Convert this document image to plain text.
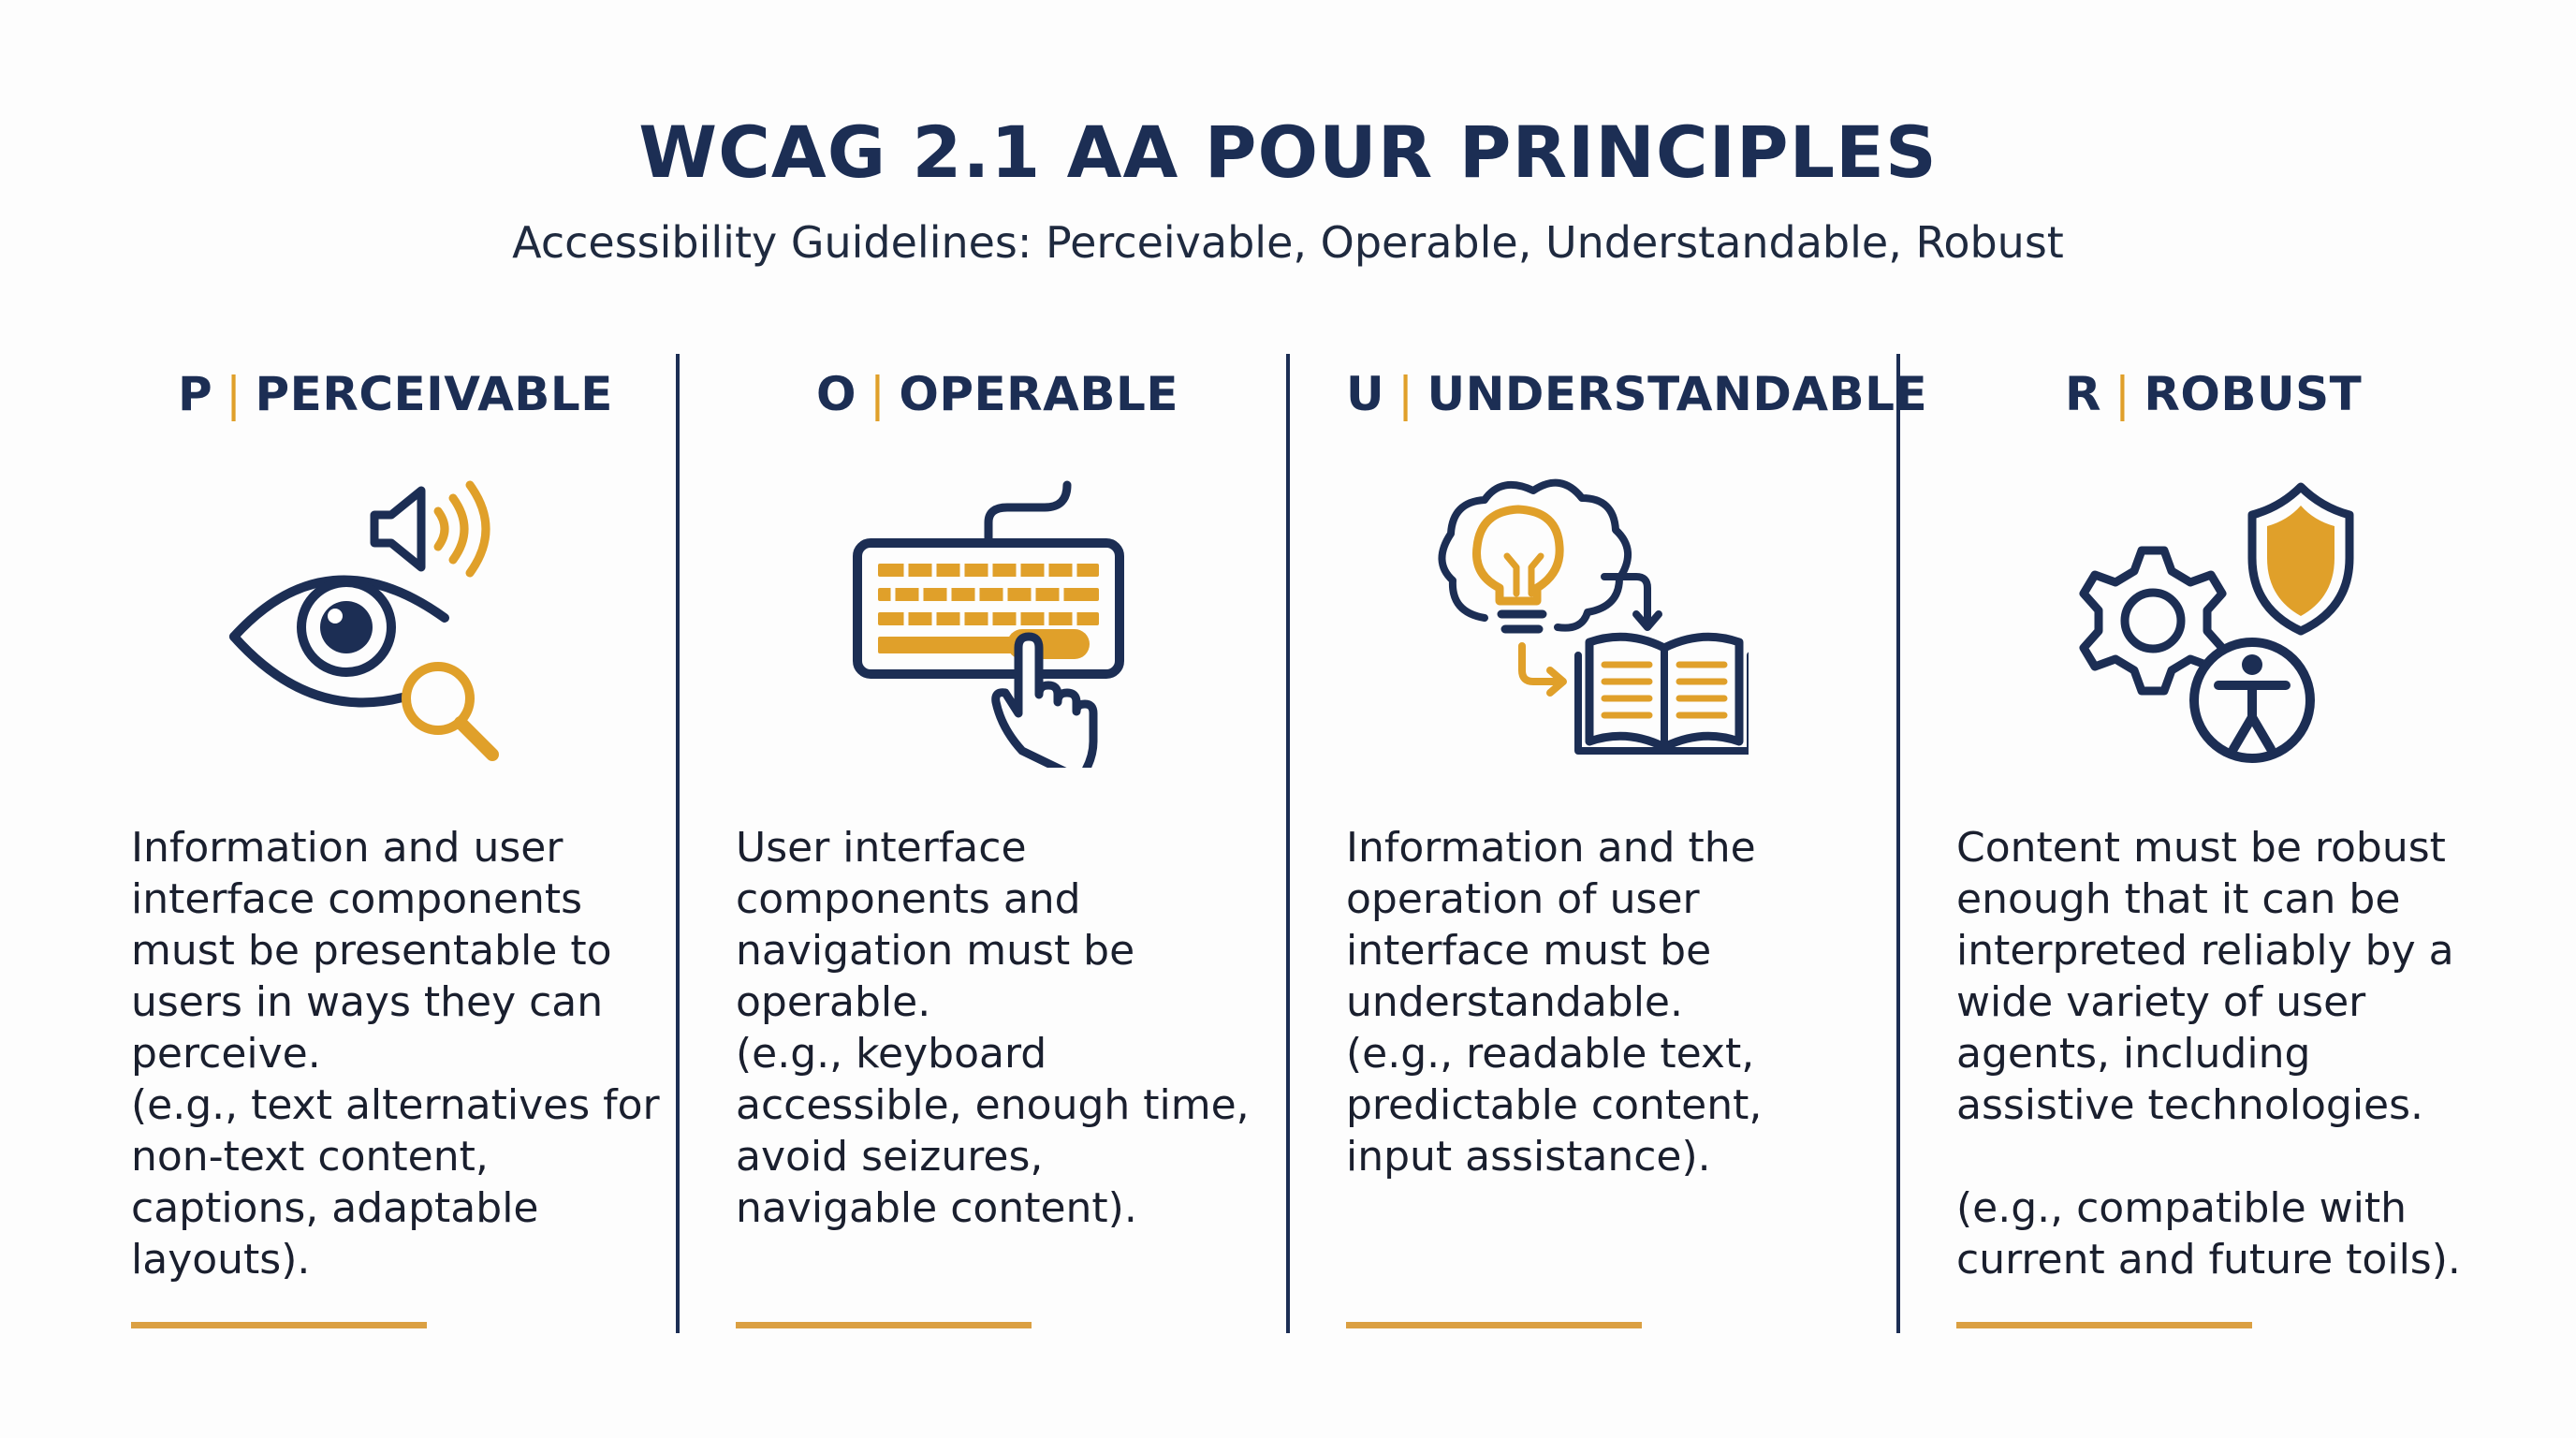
WCAG 2.1 AA POUR PRINCIPLES

Accessibility Guidelines: Perceivable, Operable, Understandable, Robust

P | PERCEIVABLE

Information and user
interface components
must be presentable to
users in ways they can
perceive.
(e.g., text alternatives for
non-text content,
captions, adaptable
layouts).

O | OPERABLE

User interface
components and
navigation must be
operable.
(e.g., keyboard
accessible, enough time,
avoid seizures,
navigable content).

U | UNDERSTANDABLE

Information and the
operation of user
interface must be
understandable.
(e.g., readable text,
predictable content,
input assistance).

R | ROBUST

Content must be robust
enough that it can be
interpreted reliably by a
wide variety of user
agents, including
assistive technologies.

(e.g., compatible with
current and future toils).
